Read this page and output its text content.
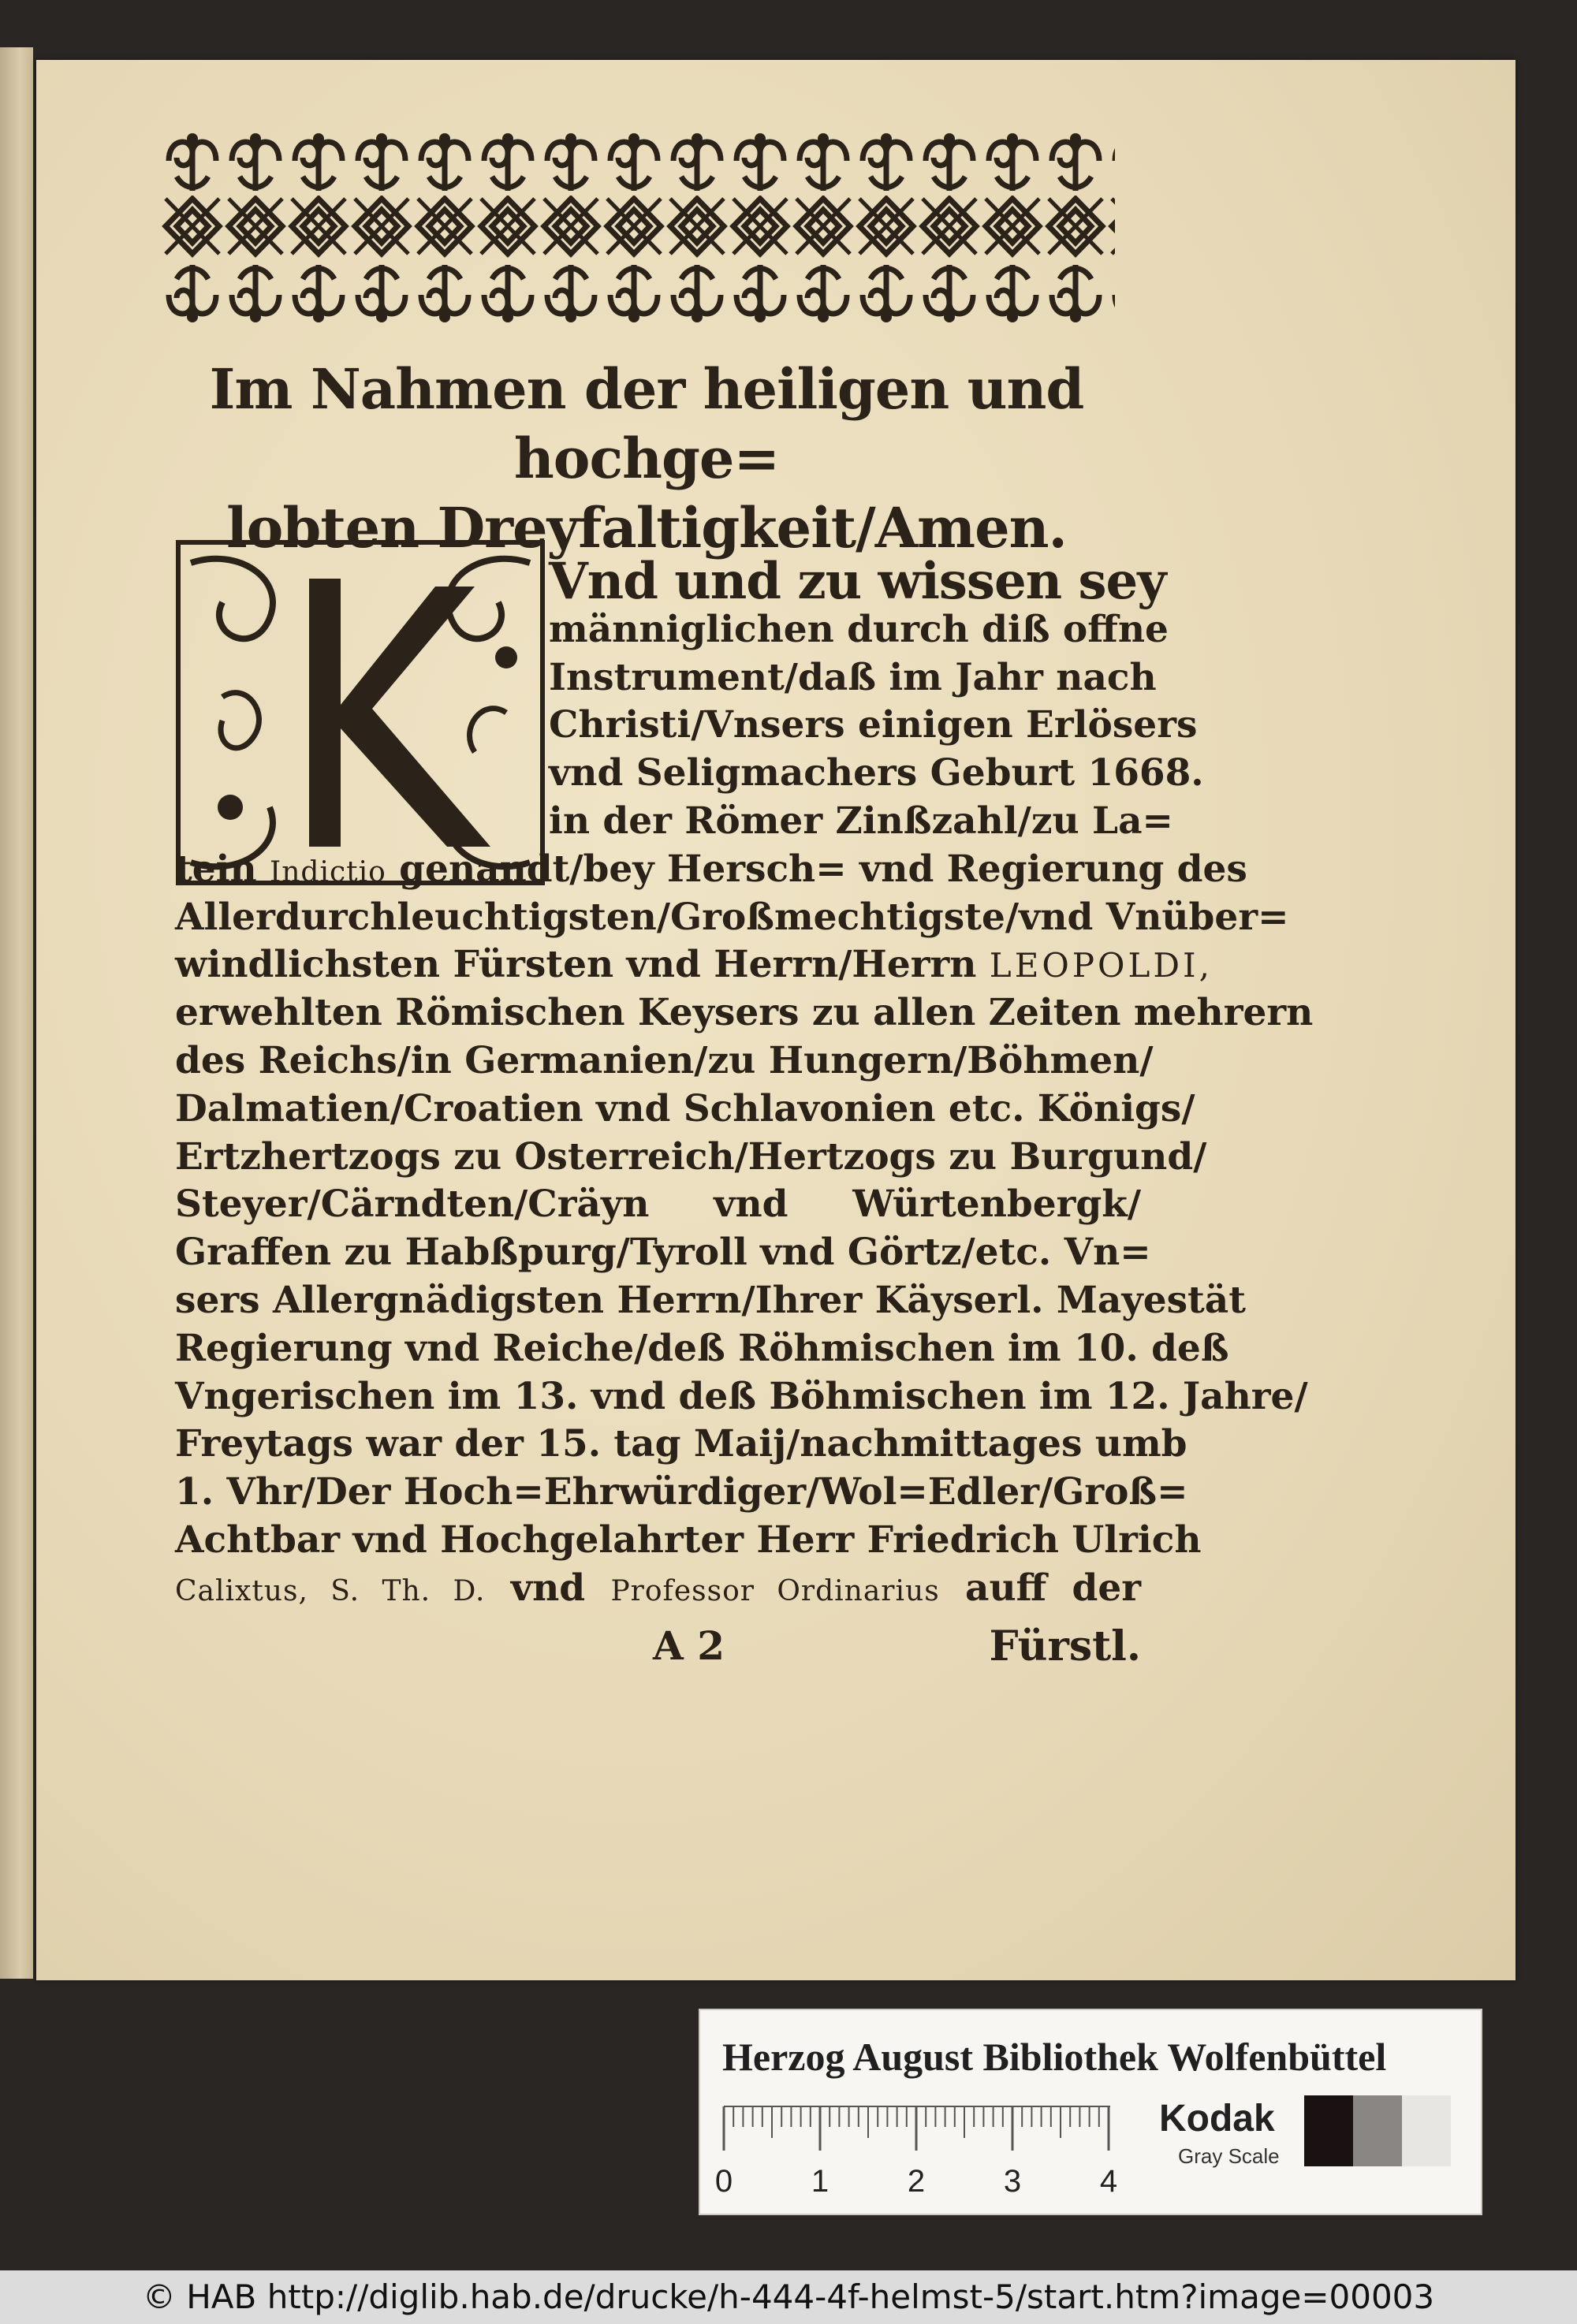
Im Nahmen der heiligen und hochge=
lobten Dreyfaltigkeit/Amen.
Vnd und zu wissen sey
männiglichen durch diß offne
Instrument/daß im Jahr nach
Christi/Vnsers einigen Erlösers
vnd Seligmachers Geburt 1668.
in der Römer Zinßzahl/zu La=
tein Indictio genandt/bey Hersch= vnd Regierung des
Allerdurchleuchtigsten/Großmechtigste/vnd Vnüber=
windlichsten Fürsten vnd Herrn/Herrn LEOPOLDI,
erwehlten Römischen Keysers zu allen Zeiten mehrern
des Reichs/in Germanien/zu Hungern/Böhmen/
Dalmatien/Croatien vnd Schlavonien etc. Königs/
Ertzhertzogs zu Osterreich/Hertzogs zu Burgund/
Steyer/Cärndten/Cräyn vnd Würtenbergk/
Graffen zu Habßpurg/Tyroll vnd Görtz/etc. Vn=
sers Allergnädigsten Herrn/Ihrer Käyserl. Mayestät
Regierung vnd Reiche/deß Röhmischen im 10. deß
Vngerischen im 13. vnd deß Böhmischen im 12. Jahre/
Freytags war der 15. tag Maij/nachmittages umb
1. Vhr/Der Hoch=Ehrwürdiger/Wol=Edler/Groß=
Achtbar vnd Hochgelahrter Herr Friedrich Ulrich
Calixtus, S. Th. D. vnd Professor Ordinarius auff der
A 2	Fürstl.
Herzog August Bibliothek Wolfenbüttel
0 1 2 3 4
Kodak
Gray Scale
© HAB http://diglib.hab.de/drucke/h-444-4f-helmst-5/start.htm?image=00003
